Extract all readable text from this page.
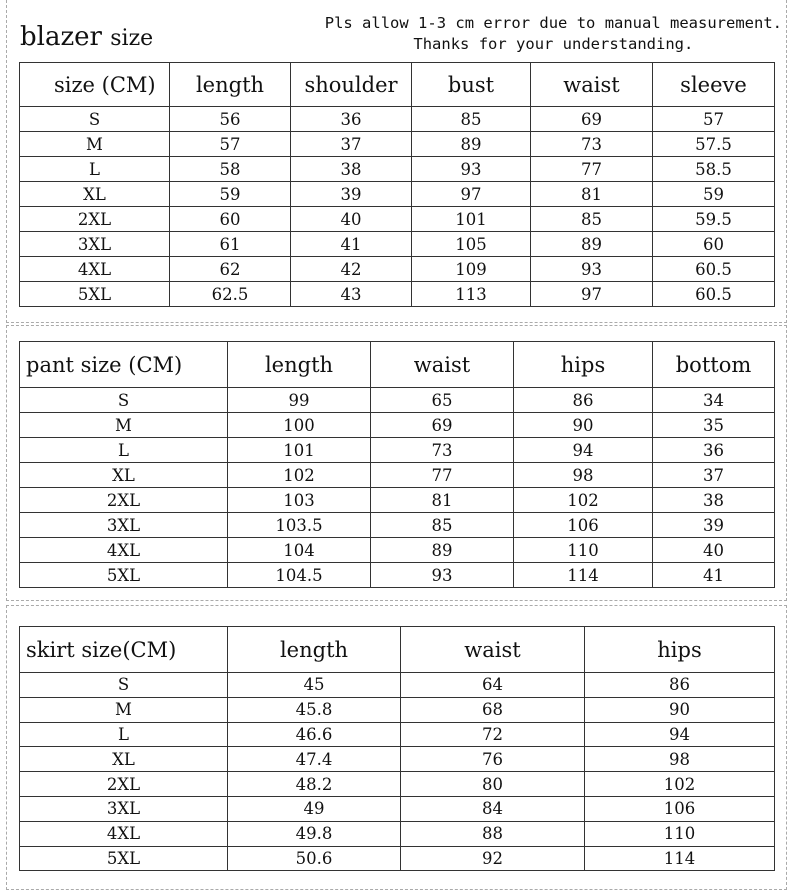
blazer size
Pls allow 1-3 cm error due to manual measurement.
Thanks for your understanding.
size (CM)	length	shoulder	bust	waist	sleeve
S	56	36	85	69	57
M	57	37	89	73	57.5
L	58	38	93	77	58.5
XL	59	39	97	81	59
2XL	60	40	101	85	59.5
3XL	61	41	105	89	60
4XL	62	42	109	93	60.5
5XL	62.5	43	113	97	60.5
pant size (CM)	length	waist	hips	bottom
S	99	65	86	34
M	100	69	90	35
L	101	73	94	36
XL	102	77	98	37
2XL	103	81	102	38
3XL	103.5	85	106	39
4XL	104	89	110	40
5XL	104.5	93	114	41
skirt size(CM)	length	waist	hips
S	45	64	86
M	45.8	68	90
L	46.6	72	94
XL	47.4	76	98
2XL	48.2	80	102
3XL	49	84	106
4XL	49.8	88	110
5XL	50.6	92	114
